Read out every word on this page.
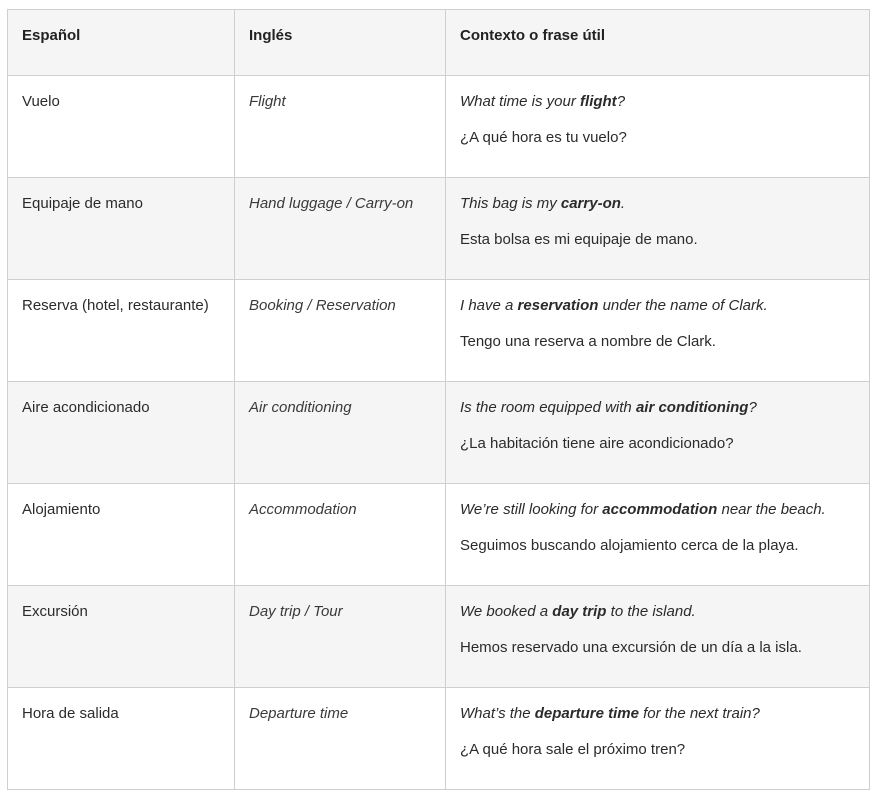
Español	Inglés	Contexto o frase útil
Vuelo	Flight	What time is your flight?
¿A qué hora es tu vuelo?

Equipaje de mano	Hand luggage / Carry-on	This bag is my carry-on.
Esta bolsa es mi equipaje de mano.

Reserva (hotel, restaurante)	Booking / Reservation	I have a reservation under the name of Clark.
Tengo una reserva a nombre de Clark.

Aire acondicionado	Air conditioning	Is the room equipped with air conditioning?
¿La habitación tiene aire acondicionado?

Alojamiento	Accommodation	We’re still looking for accommodation near the beach.
Seguimos buscando alojamiento cerca de la playa.

Excursión	Day trip / Tour	We booked a day trip to the island.
Hemos reservado una excursión de un día a la isla.

Hora de salida	Departure time	What’s the departure time for the next train?
¿A qué hora sale el próximo tren?
